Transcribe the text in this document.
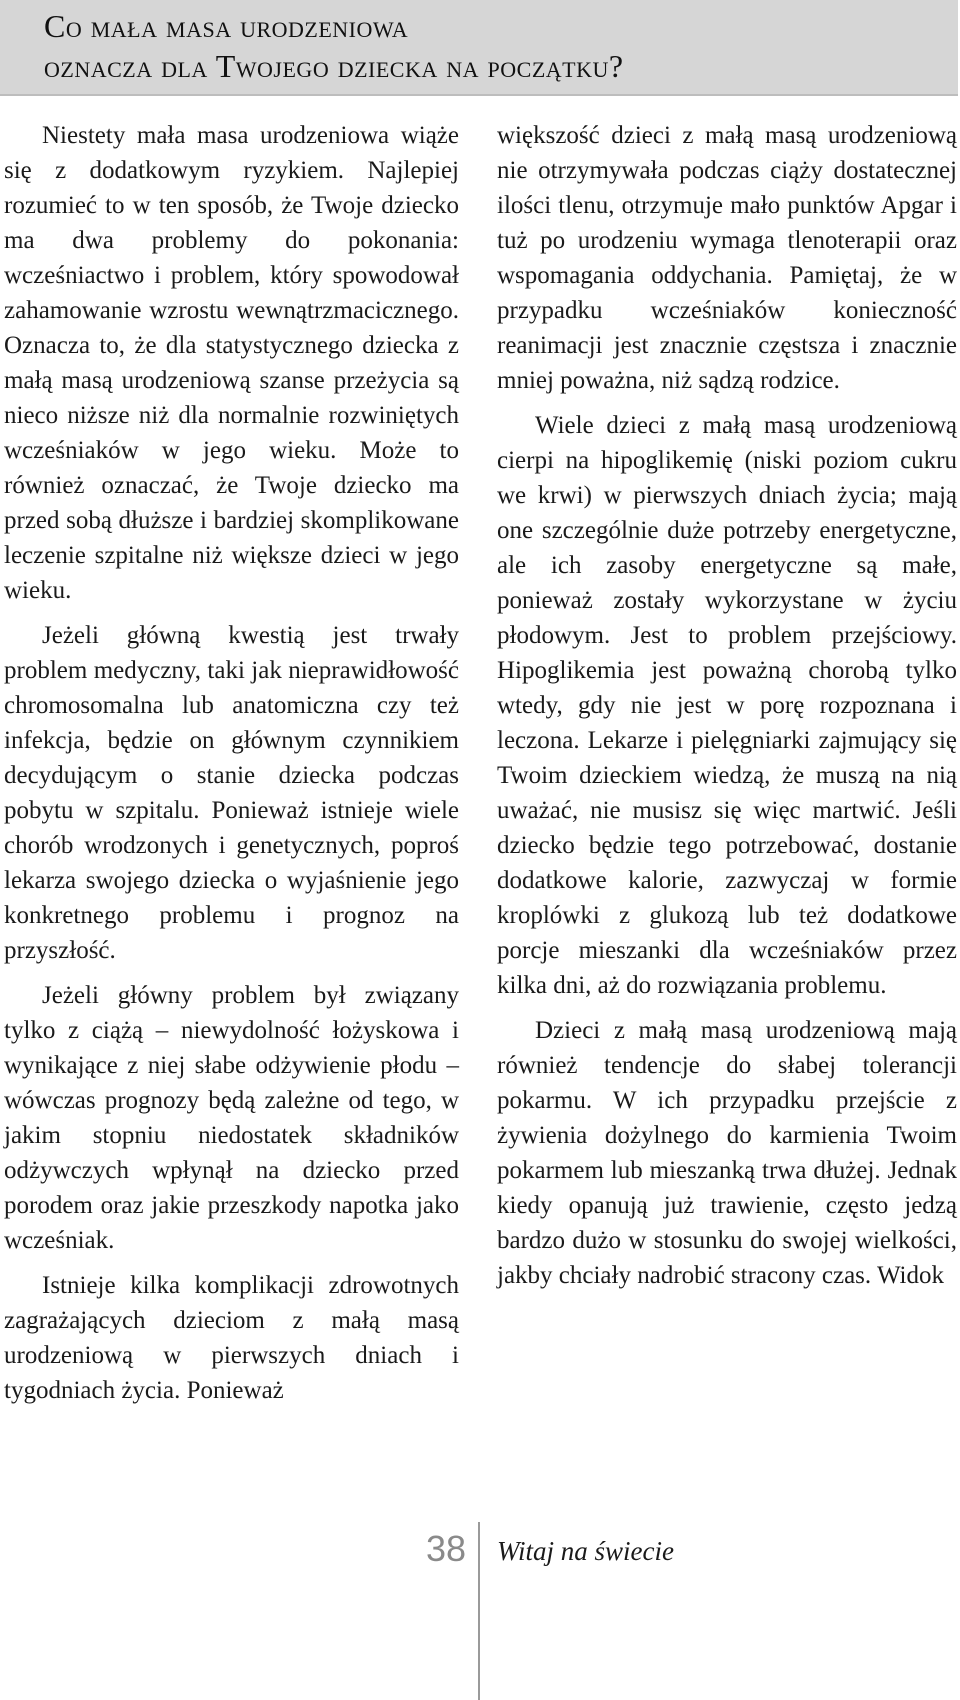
Co mała masa urodzeniowa
oznacza dla Twojego dziecka na początku?

Niestety mała masa urodzeniowa wiąże się z dodatkowym ryzykiem. Najlepiej rozumieć to w ten sposób, że Twoje dziecko ma dwa problemy do pokonania: wcześniactwo i problem, który spowodował zahamowanie wzrostu wewnątrzmacicznego. Oznacza to, że dla statystycznego dziecka z małą masą urodzeniową szanse przeżycia są nieco niższe niż dla normalnie rozwiniętych wcześniaków w jego wieku. Może to również oznaczać, że Twoje dziecko ma przed sobą dłuższe i bardziej skomplikowane leczenie szpitalne niż większe dzieci w jego wieku.

Jeżeli główną kwestią jest trwały problem medyczny, taki jak nieprawidłowość chromosomalna lub anatomiczna czy też infekcja, będzie on głównym czynnikiem decydującym o stanie dziecka podczas pobytu w szpitalu. Ponieważ istnieje wiele chorób wrodzonych i genetycznych, poproś lekarza swojego dziecka o wyjaśnienie jego konkretnego problemu i prognoz na przyszłość.

Jeżeli główny problem był związany tylko z ciążą – niewydolność łożyskowa i wynikające z niej słabe odżywienie płodu – wówczas prognozy będą zależne od tego, w jakim stopniu niedostatek składników odżywczych wpłynął na dziecko przed porodem oraz jakie przeszkody napotka jako wcześniak.

Istnieje kilka komplikacji zdrowotnych zagrażających dzieciom z małą masą urodzeniową w pierwszych dniach i tygodniach życia. Ponieważ

większość dzieci z małą masą urodzeniową nie otrzymywała podczas ciąży dostatecznej ilości tlenu, otrzymuje mało punktów Apgar i tuż po urodzeniu wymaga tlenoterapii oraz wspomagania oddychania. Pamiętaj, że w przypadku wcześniaków konieczność reanimacji jest znacznie częstsza i znacznie mniej poważna, niż sądzą rodzice.

Wiele dzieci z małą masą urodzeniową cierpi na hipoglikemię (niski poziom cukru we krwi) w pierwszych dniach życia; mają one szczególnie duże potrzeby energetyczne, ale ich zasoby energetyczne są małe, ponieważ zostały wykorzystane w życiu płodowym. Jest to problem przejściowy. Hipoglikemia jest poważną chorobą tylko wtedy, gdy nie jest w porę rozpoznana i leczona. Lekarze i pielęgniarki zajmujący się Twoim dzieckiem wiedzą, że muszą na nią uważać, nie musisz się więc martwić. Jeśli dziecko będzie tego potrzebować, dostanie dodatkowe kalorie, zazwyczaj w formie kroplówki z glukozą lub też dodatkowe porcje mieszanki dla wcześniaków przez kilka dni, aż do rozwiązania problemu.

Dzieci z małą masą urodzeniową mają również tendencje do słabej tolerancji pokarmu. W ich przypadku przejście z żywienia dożylnego do karmienia Twoim pokarmem lub mieszanką trwa dłużej. Jednak kiedy opanują już trawienie, często jedzą bardzo dużo w stosunku do swojej wielkości, jakby chciały nadrobić stracony czas. Widok

38 Witaj na świecie
